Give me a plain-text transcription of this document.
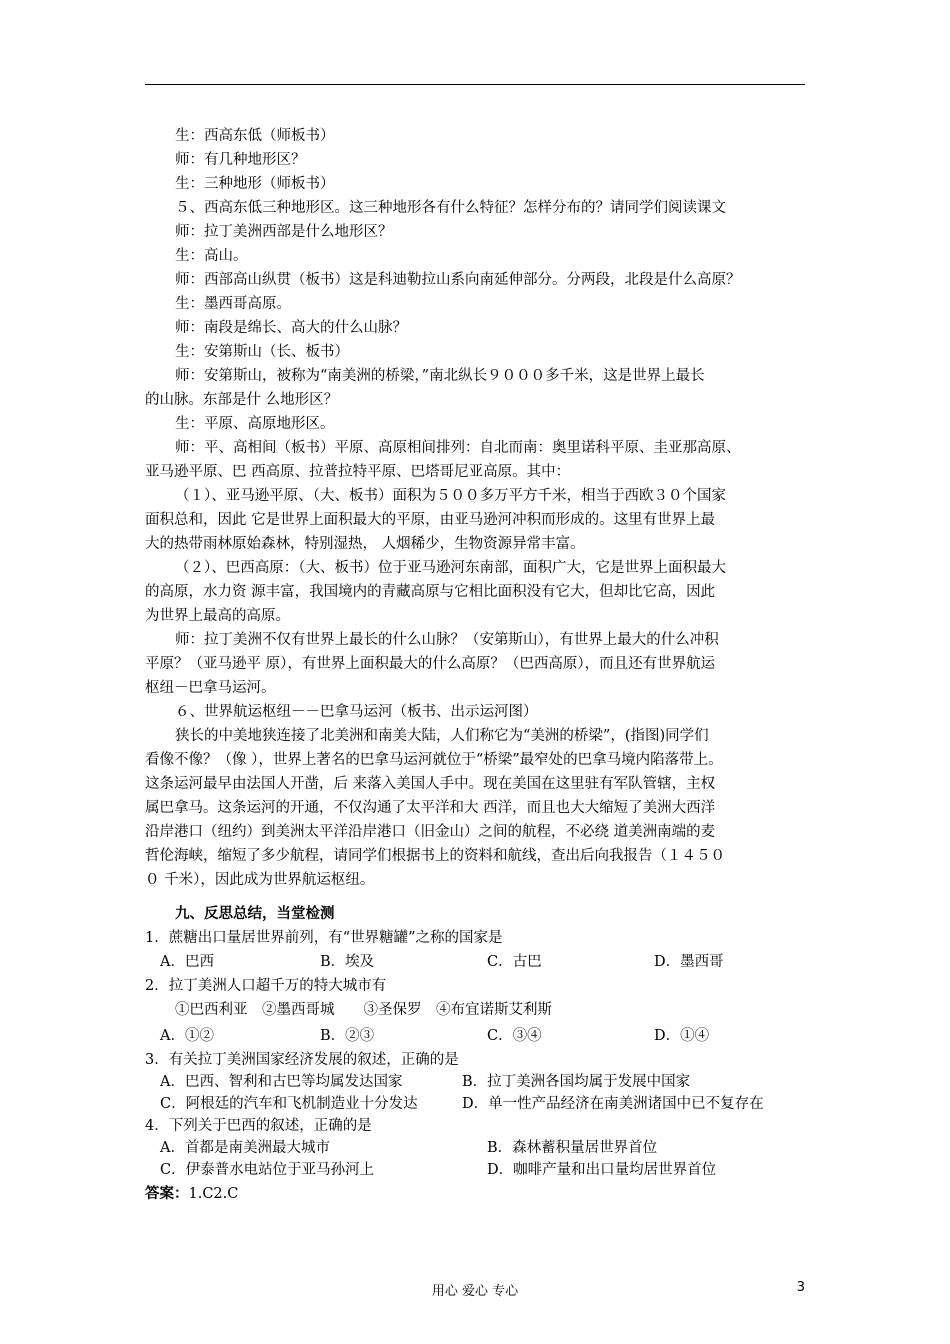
生：西高东低（师板书）
师：有几种地形区？
生：三种地形（师板书）
５、西高东低三种地形区。这三种地形各有什么特征？怎样分布的？请同学们阅读课文
师：拉丁美洲西部是什么地形区？
生：高山。
师：西部高山纵贯（板书）这是科迪勒拉山系向南延伸部分。分两段，北段是什么高原？
生：墨西哥高原。
师：南段是绵长、高大的什么山脉？
生：安第斯山（长、板书）
师：安第斯山，被称为“南美洲的桥梁，”南北纵长９０００多千米，这是世界上最长
的山脉。东部是什 么地形区？
生：平原、高原地形区。
师：平、高相间（板书）平原、高原相间排列：自北而南：奥里诺科平原、圭亚那高原、
亚马逊平原、巴 西高原、拉普拉特平原、巴塔哥尼亚高原。其中：
（１）、亚马逊平原、（大、板书）面积为５００多万平方千米，相当于西欧３０个国家
面积总和，因此 它是世界上面积最大的平原，由亚马逊河冲积而形成的。这里有世界上最
大的热带雨林原始森林，特别湿热， 人烟稀少，生物资源异常丰富。
（２）、巴西高原：（大、板书）位于亚马逊河东南部，面积广大，它是世界上面积最大
的高原，水力资 源丰富，我国境内的青藏高原与它相比面积没有它大，但却比它高，因此
为世界上最高的高原。
师：拉丁美洲不仅有世界上最长的什么山脉？（安第斯山），有世界上最大的什么冲积
平原？（亚马逊平 原），有世界上面积最大的什么高原？（巴西高原），而且还有世界航运
枢纽－巴拿马运河。
６、世界航运枢纽－－巴拿马运河（板书、出示运河图）
狭长的中美地狭连接了北美洲和南美大陆，人们称它为“美洲的桥梁”，(指图)同学们
看像不像？（像 ），世界上著名的巴拿马运河就位于“桥梁”最窄处的巴拿马境内陷落带上。
这条运河最早由法国人开凿，后 来落入美国人手中。现在美国在这里驻有军队管辖，主权
属巴拿马。这条运河的开通，不仅沟通了太平洋和大 西洋，而且也大大缩短了美洲大西洋
沿岸港口（纽约）到美洲太平洋沿岸港口（旧金山）之间的航程，不必绕 道美洲南端的麦
哲伦海峡，缩短了多少航程，请同学们根据书上的资料和航线，查出后向我报告（１４５０
０ 千米），因此成为世界航运枢纽。
九、反思总结，当堂检测
1．蔗糖出口量居世界前列，有“世界糖罐”之称的国家是
A．巴西	B．埃及	C．古巴	D．墨西哥
2．拉丁美洲人口超千万的特大城市有
①巴西利亚　②墨西哥城　　③圣保罗　④布宜诺斯艾利斯
A．①②	B．②③	C．③④	D．①④
3．有关拉丁美洲国家经济发展的叙述，正确的是
A．巴西、智利和古巴等均属发达国家	B．拉丁美洲各国均属于发展中国家
C．阿根廷的汽车和飞机制造业十分发达	D．单一性产品经济在南美洲诸国中已不复存在
4．下列关于巴西的叙述，正确的是
A．首都是南美洲最大城市	B．森林蓄积量居世界首位
C．伊泰普水电站位于亚马孙河上	D．咖啡产量和出口量均居世界首位
答案：1.C2.C
用心 爱心 专心	3
